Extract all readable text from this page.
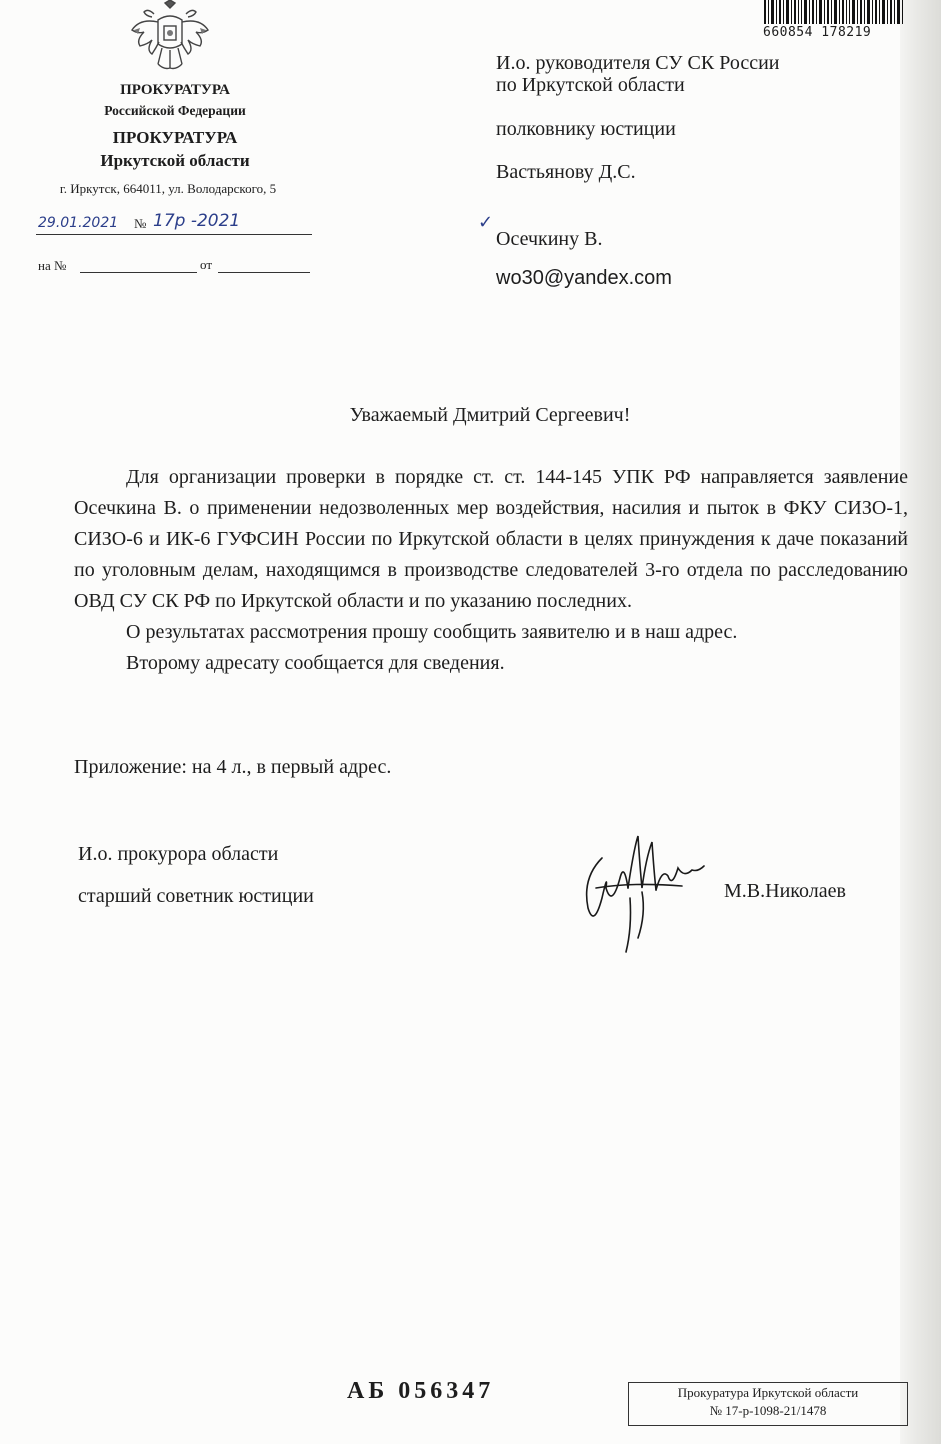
ПРОКУРАТУРА
Российской Федерации
ПРОКУРАТУРА
Иркутской области
г. Иркутск, 664011, ул. Володарского, 5
29.01.2021 № 17р -2021
на №	от
660854 178219
И.о. руководителя СУ СК России
по Иркутской области
полковнику юстиции
Вастьянову Д.С.
✓
Осечкину В.
wo30@yandex.com
Уважаемый Дмитрий Сергеевич!

Для организации проверки в порядке ст. ст. 144-145 УПК РФ направляется заявление Осечкина В. о применении недозволенных мер воздействия, насилия и пыток в ФКУ СИЗО-1, СИЗО-6 и ИК-6 ГУФСИН России по Иркутской области в целях принуждения к даче показаний по уголовным делам, находящимся в производстве следователей 3-го отдела по расследованию ОВД СУ СК РФ по Иркутской области и по указанию последних.

О результатах рассмотрения прошу сообщить заявителю и в наш адрес.

Второму адресату сообщается для сведения.

Приложение: на 4 л., в первый адрес.
И.о. прокурора области
старший советник юстиции	М.В.Николаев
АБ 056347	Прокуратура Иркутской области
№ 17-р-1098-21/1478
